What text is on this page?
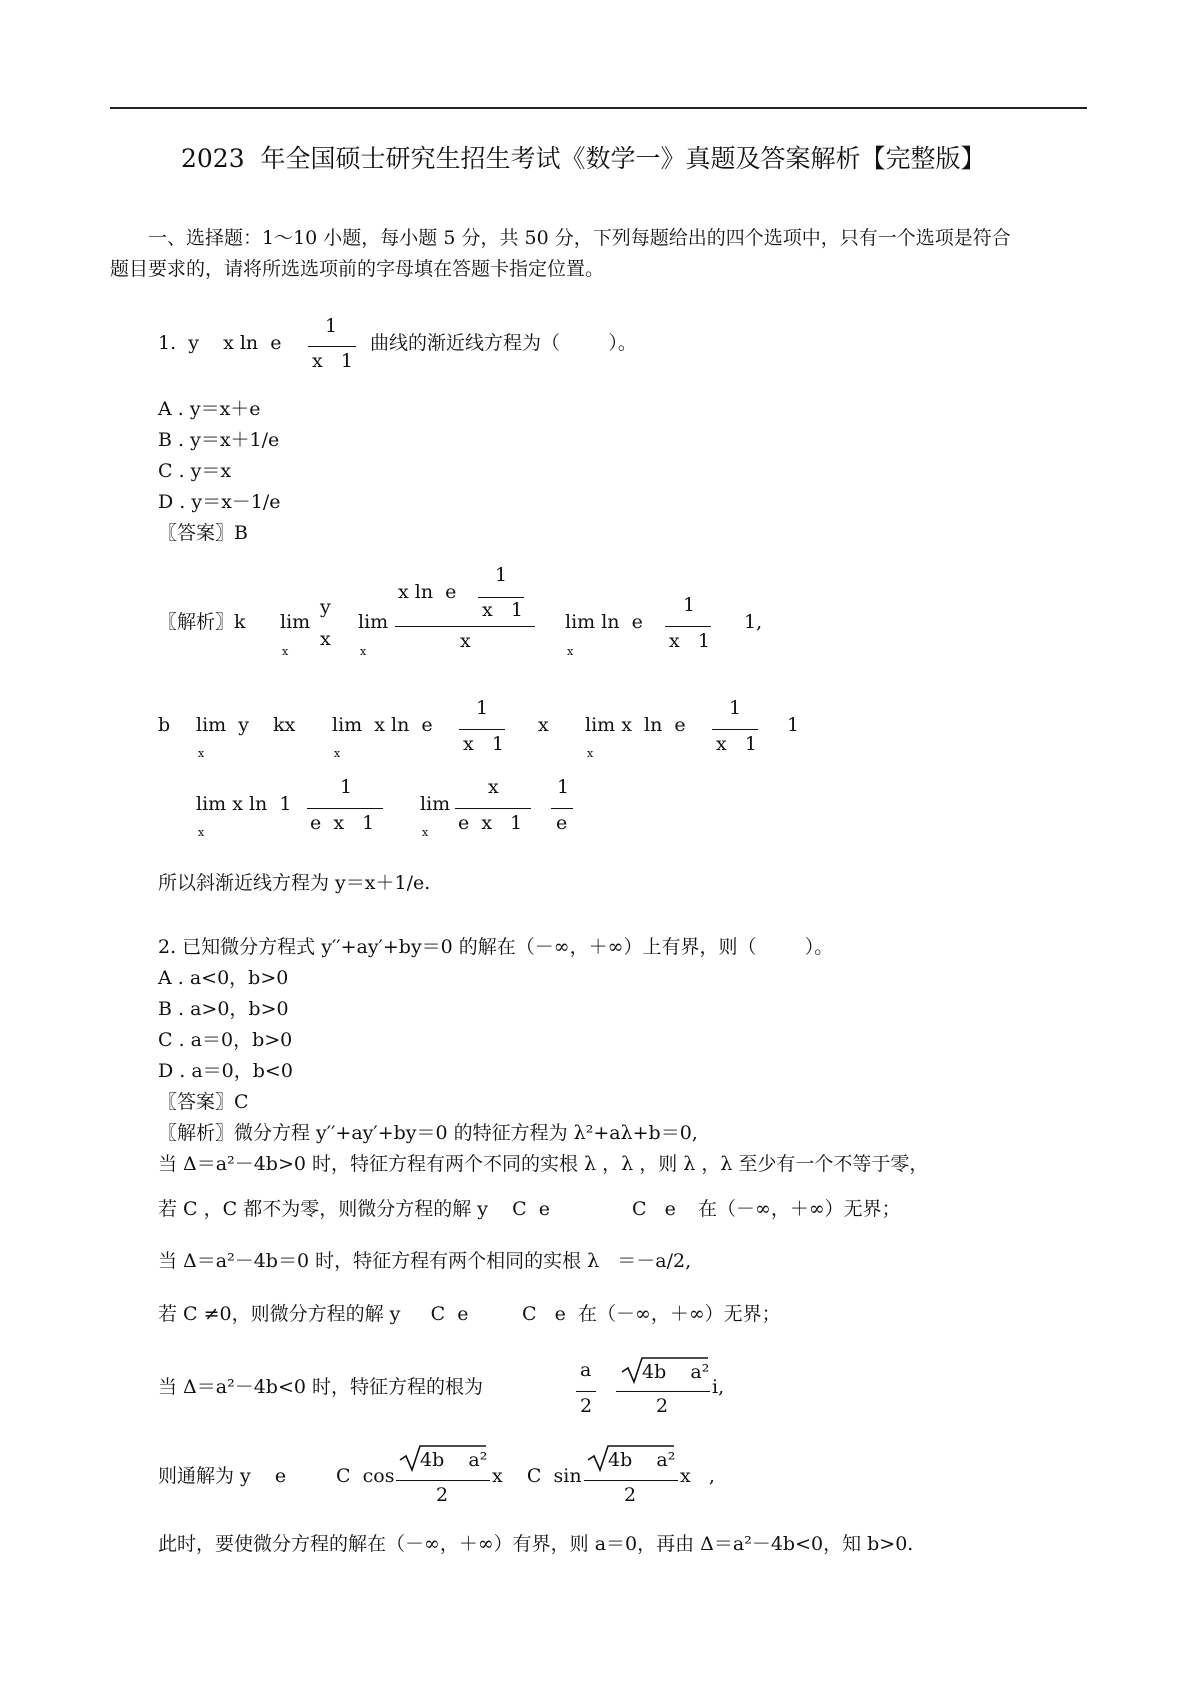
2023  年全国硕士研究生招生考试《数学一》真题及答案解析【完整版】
一、选择题：1～10 小题，每小题 5 分，共 50 分，下列每题给出的四个选项中，只有一个选项是符合
题目要求的，请将所选选项前的字母填在答题卡指定位置。
1.  y    x ln  e
1
x   1
曲线的渐近线方程为（        ）。
A . y＝x＋e
B . y＝x＋1/e
C . y＝x
D . y＝x－1/e
〖答案〗B
〖解析〗k lim
y
x
x
lim
x
x ln  e
1
x   1
x
lim ln  e
x
1
x   1
1,
b lim  y    kx
x
lim  x ln  e
x
1
x   1
x lim x  ln  e
x
1
x   1
1
lim x ln  1
x
1
e  x   1
lim
x
x
e  x   1
1
e
所以斜渐近线方程为 y＝x＋1/e.
2. 已知微分方程式 y′′+ay′+by＝0 的解在（－∞，＋∞）上有界，则（        ）。
A . a<0，b>0
B . a>0，b>0
C . a＝0，b>0
D . a＝0，b<0
〖答案〗C
〖解析〗微分方程 y′′+ay′+by＝0 的特征方程为 λ²+aλ+b＝0,
当 Δ＝a²－4b>0 时，特征方程有两个不同的实根 λ ，λ ，则 λ ，λ 至少有一个不等于零，
若 C ，C 都不为零，则微分方程的解 y    C  e	C   e 在（－∞，＋∞）无界；
当 Δ＝a²－4b＝0 时，特征方程有两个相同的实根 λ   ＝－a/2,
若 C ≠0，则微分方程的解 y     C  e	C   e 在（－∞，＋∞）无界；
当 Δ＝a²－4b<0 时，特征方程的根为
a
2
4b    a²
2
i,
则通解为 y    e	C  cos
4b    a²
2
x    C  sin
4b    a²
2
x   ,
此时，要使微分方程的解在（－∞，＋∞）有界，则 a＝0，再由 Δ＝a²－4b<0，知 b>0.
